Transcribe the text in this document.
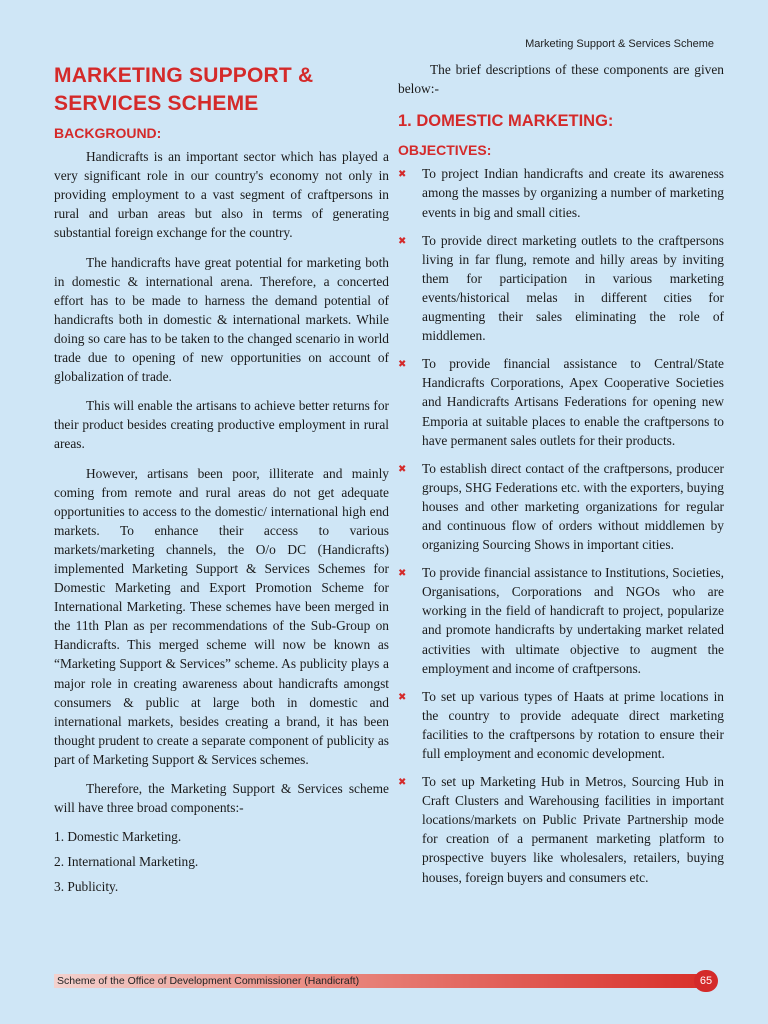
Marketing Support & Services Scheme
MARKETING SUPPORT &
SERVICES SCHEME
BACKGROUND:

Handicrafts is an important sector which has played a very significant role in our country's economy not only in providing employment to a vast segment of craftpersons in rural and urban areas but also in terms of generating substantial foreign exchange for the country.

The handicrafts have great potential for marketing both in domestic & international arena. Therefore, a concerted effort has to be made to harness the demand potential of handicrafts both in domestic & international markets. While doing so care has to be taken to the changed scenario in world trade due to opening of new opportunities on account of globalization of trade.

This will enable the artisans to achieve better returns for their product besides creating productive employment in rural areas.

However, artisans been poor, illiterate and mainly coming from remote and rural areas do not get adequate opportunities to access to the domestic/ international high end markets. To enhance their access to various markets/marketing channels, the O/o DC (Handicrafts) implemented Marketing Support & Services Schemes for Domestic Marketing and Export Promotion Scheme for International Marketing. These schemes have been merged in the 11th Plan as per recommendations of the Sub-Group on Handicrafts. This merged scheme will now be known as “Marketing Support & Services” scheme. As publicity plays a major role in creating awareness about handicrafts amongst consumers & public at large both in domestic and international markets, besides creating a brand, it has been thought prudent to create a separate component of publicity as part of Marketing Support & Services schemes.

Therefore, the Marketing Support & Services scheme will have three broad components:-

1. Domestic Marketing.
2. International Marketing.
3. Publicity.

The brief descriptions of these components are given below:-

1. DOMESTIC MARKETING:
OBJECTIVES:
✖ To project Indian handicrafts and create its awareness among the masses by organizing a number of marketing events in big and small cities.
✖ To provide direct marketing outlets to the craftpersons living in far flung, remote and hilly areas by inviting them for participation in various marketing events/historical melas in different cities for augmenting their sales eliminating the role of middlemen.
✖ To provide financial assistance to Central/State Handicrafts Corporations, Apex Cooperative Societies and Handicrafts Artisans Federations for opening new Emporia at suitable places to enable the craftpersons to have permanent sales outlets for their products.
✖ To establish direct contact of the craftpersons, producer groups, SHG Federations etc. with the exporters, buying houses and other marketing organizations for regular and continuous flow of orders without middlemen by organizing Sourcing Shows in important cities.
✖ To provide financial assistance to Institutions, Societies, Organisations, Corporations and NGOs who are working in the field of handicraft to project, popularize and promote handicrafts by undertaking market related activities with ultimate objective to augment the employment and income of craftpersons.
✖ To set up various types of Haats at prime locations in the country to provide adequate direct marketing facilities to the craftpersons by rotation to ensure their full employment and economic development.
✖ To set up Marketing Hub in Metros, Sourcing Hub in Craft Clusters and Warehousing facilities in important locations/markets on Public Private Partnership mode for creation of a permanent marketing platform to prospective buyers like wholesalers, retailers, buying houses, foreign buyers and consumers etc.
Scheme of the Office of Development Commissioner (Handicraft)	65
